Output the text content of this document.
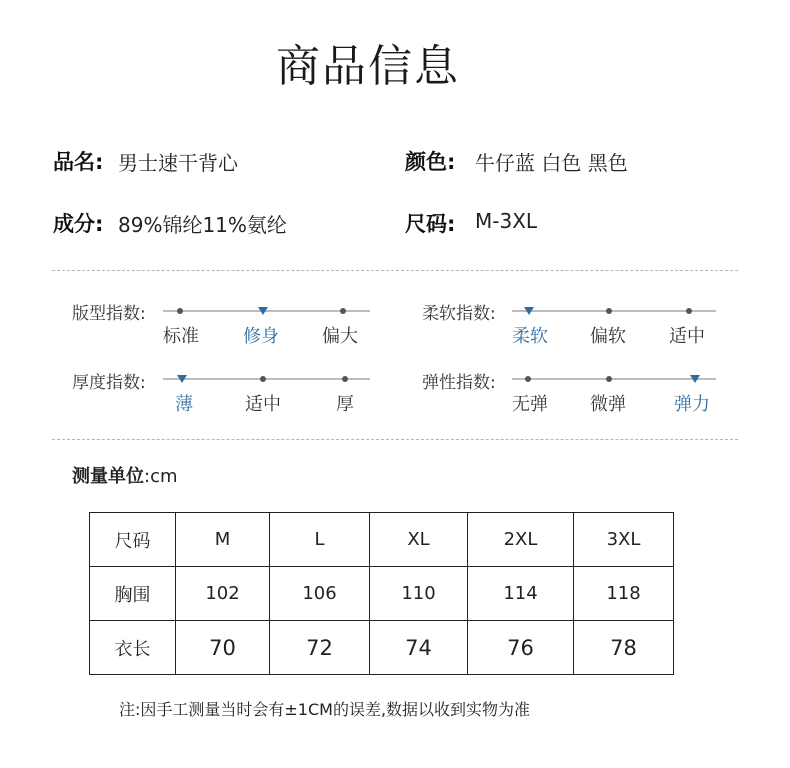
商品信息
品名: 男士速干背心	颜色: 牛仔蓝 白色 黑色
成分: 89%锦纶11%氨纶	尺码: M-3XL
版型指数:
标准 修身 偏大
柔软指数:
柔软 偏软 适中
厚度指数:
薄	适中	厚
弹性指数:
无弹 微弹	弹力
测量单位:cm
尺码	M	L	XL	2XL	3XL
胸围	102	106	110	114	118
衣长	70	72	74	76	78
注:因手工测量当时会有±1CM的误差,数据以收到实物为准
